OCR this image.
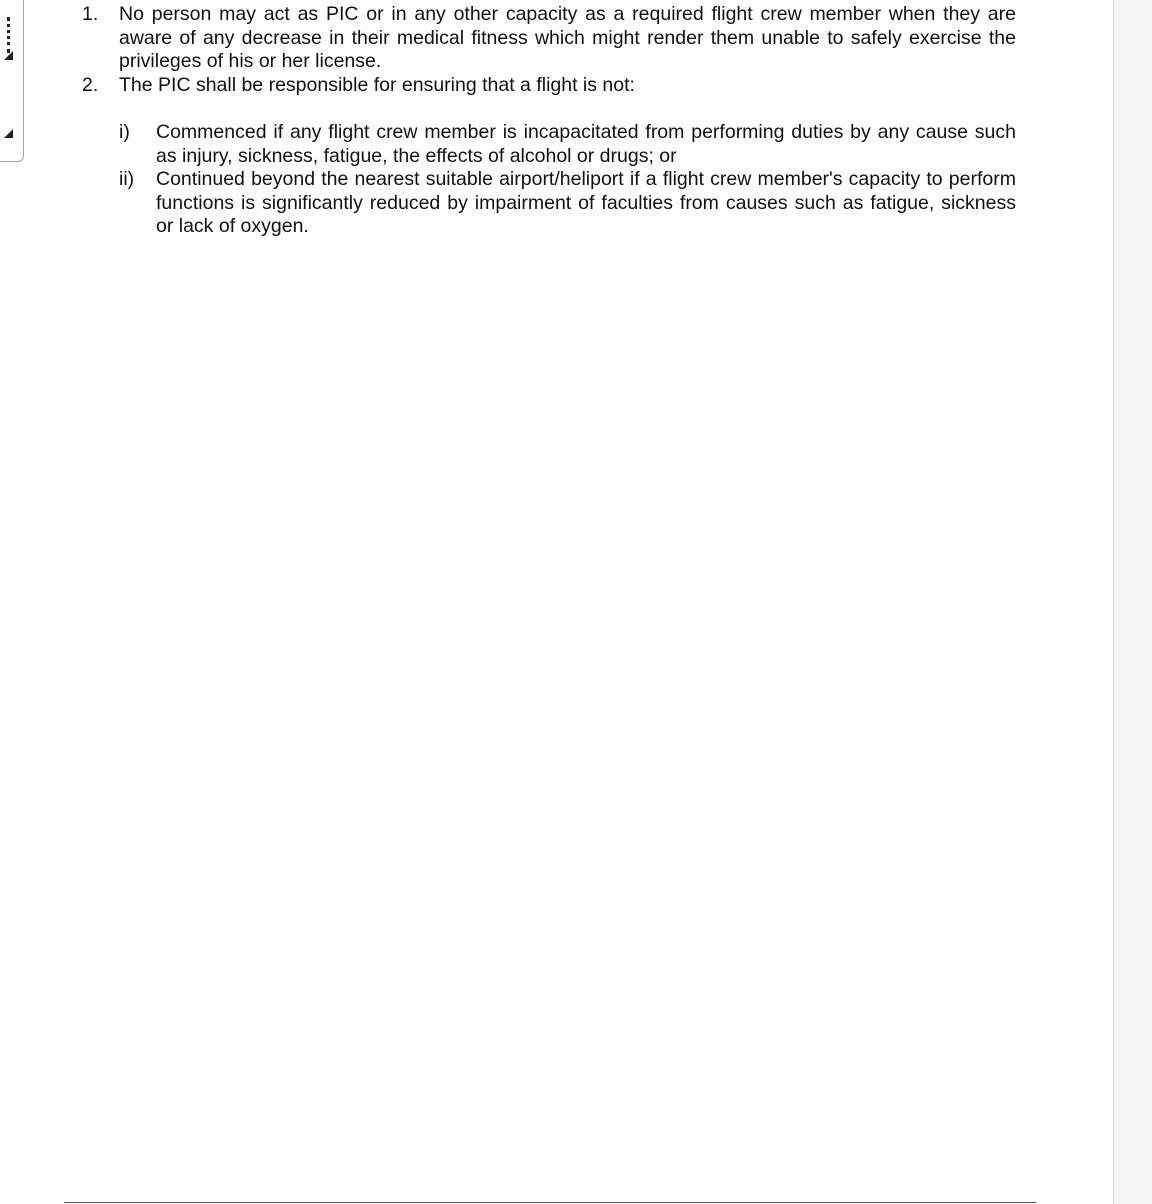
1.	No person may act as PIC or in any other capacity as a required flight crew member when they are aware of any decrease in their medical fitness which might render them unable to safely exercise the privileges of his or her license.
2.	The PIC shall be responsible for ensuring that a flight is not:
i)	Commenced if any flight crew member is incapacitated from performing duties by any cause such as injury, sickness, fatigue, the effects of alcohol or drugs; or
ii)	Continued beyond the nearest suitable airport/heliport if a flight crew member's capacity to perform functions is significantly reduced by impairment of faculties from causes such as fatigue, sickness or lack of oxygen.
